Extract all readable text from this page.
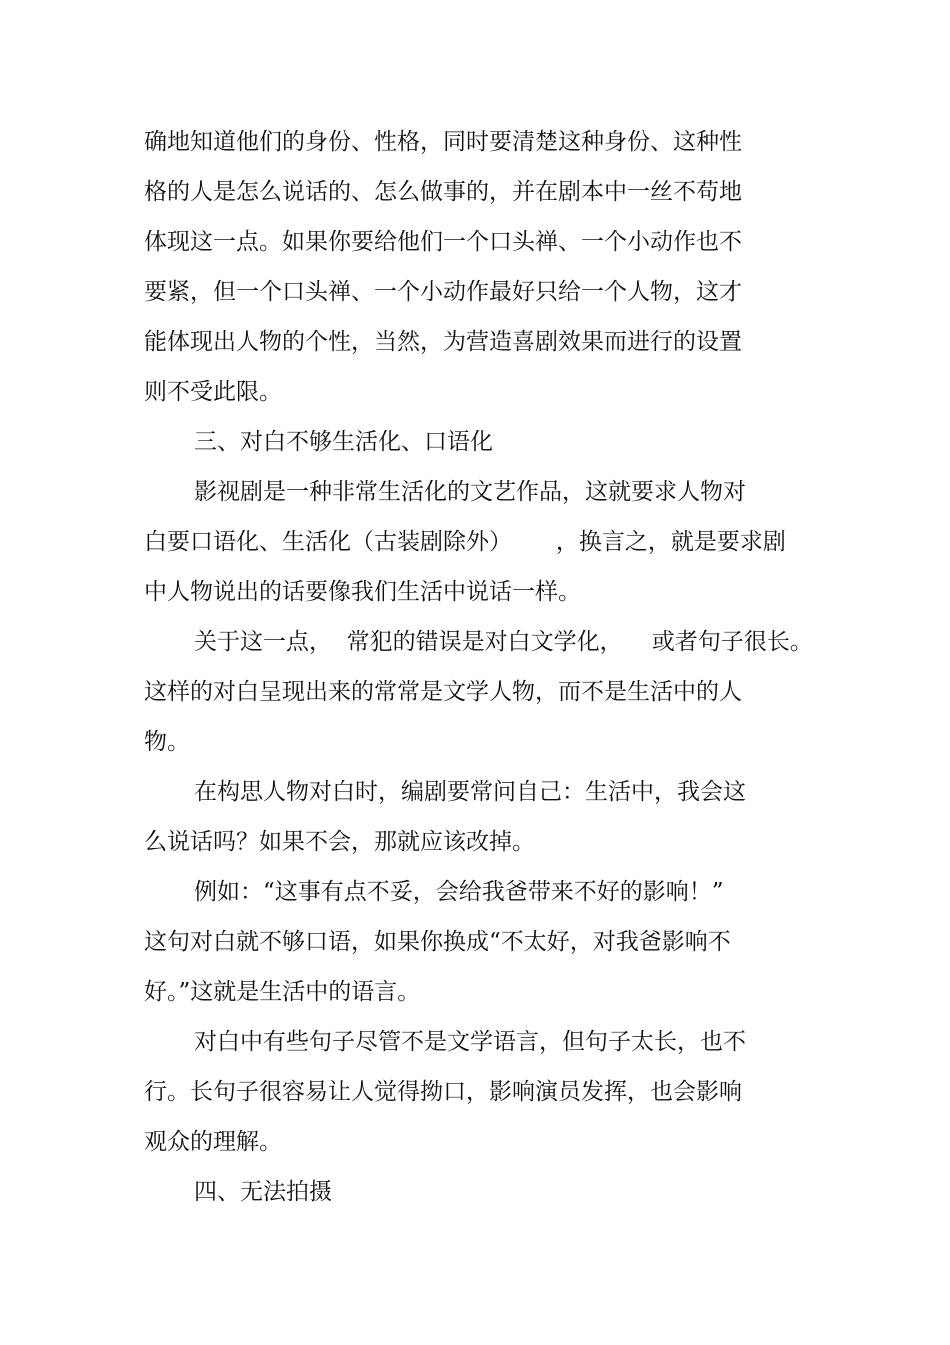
确地知道他们的身份、性格，同时要清楚这种身份、这种性

格的人是怎么说话的、怎么做事的，并在剧本中一丝不苟地

体现这一点。如果你要给他们一个口头禅、一个小动作也不

要紧，但一个口头禅、一个小动作最好只给一个人物，这才

能体现出人物的个性，当然，为营造喜剧效果而进行的设置

则不受此限。

三、对白不够生活化、口语化

影视剧是一种非常生活化的文艺作品，这就要求人物对

白要口语化、生活化（古装剧除外）      ，换言之，就是要求剧

中人物说出的话要像我们生活中说话一样。

关于这一点，  常犯的错误是对白文学化，    或者句子很长。

这样的对白呈现出来的常常是文学人物，而不是生活中的人

物。

在构思人物对白时，编剧要常问自己：生活中，我会这

么说话吗？如果不会，那就应该改掉。

例如：“这事有点不妥，会给我爸带来不好的影响！”

这句对白就不够口语，如果你换成“不太好，对我爸影响不

好。”这就是生活中的语言。

对白中有些句子尽管不是文学语言，但句子太长，也不

行。长句子很容易让人觉得拗口，影响演员发挥，也会影响

观众的理解。

四、无法拍摄
